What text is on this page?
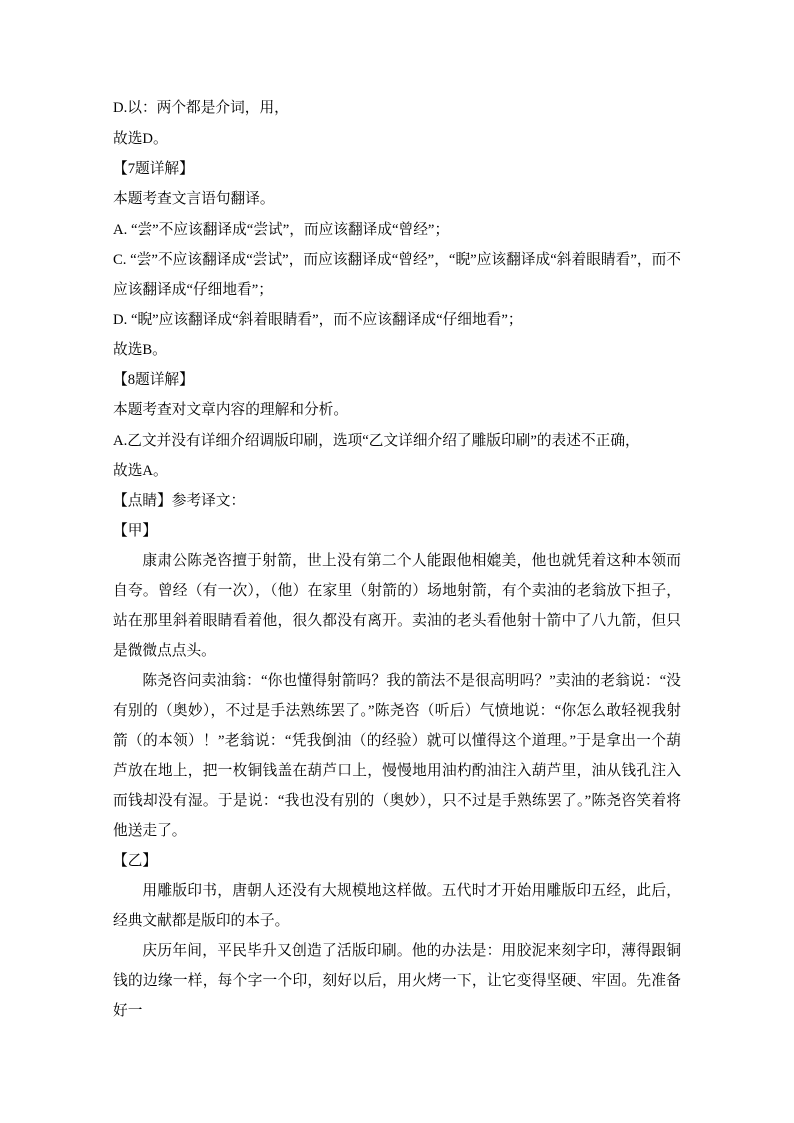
D.以：两个都是介词，用，

故选D。

【7题详解】

本题考查文言语句翻译。

A. “尝”不应该翻译成“尝试”，而应该翻译成“曾经”；

C. “尝”不应该翻译成“尝试”，而应该翻译成“曾经”，“睨”应该翻译成“斜着眼睛看”，而不应该翻译成“仔细地看”；

D. “睨”应该翻译成“斜着眼睛看”，而不应该翻译成“仔细地看”；

故选B。

【8题详解】

本题考查对文章内容的理解和分析。

A.乙文并没有详细介绍调版印刷，选项“乙文详细介绍了雕版印刷”的表述不正确，

故选A。

【点睛】参考译文：

【甲】

康肃公陈尧咨擅于射箭，世上没有第二个人能跟他相媲美，他也就凭着这种本领而自夸。曾经（有一次），（他）在家里（射箭的）场地射箭，有个卖油的老翁放下担子，站在那里斜着眼睛看着他，很久都没有离开。卖油的老头看他射十箭中了八九箭，但只是微微点点头。

陈尧咨问卖油翁：“你也懂得射箭吗？我的箭法不是很高明吗？”卖油的老翁说：“没有别的（奥妙），不过是手法熟练罢了。”陈尧咨（听后）气愤地说：“你怎么敢轻视我射箭（的本领）！”老翁说：“凭我倒油（的经验）就可以懂得这个道理。”于是拿出一个葫芦放在地上，把一枚铜钱盖在葫芦口上，慢慢地用油杓酌油注入葫芦里，油从钱孔注入而钱却没有湿。于是说：“我也没有别的（奥妙），只不过是手熟练罢了。”陈尧咨笑着将他送走了。

【乙】

用雕版印书，唐朝人还没有大规模地这样做。五代时才开始用雕版印五经，此后，经典文献都是版印的本子。

庆历年间，平民毕升又创造了活版印刷。他的办法是：用胶泥来刻字印，薄得跟铜钱的边缘一样，每个字一个印，刻好以后，用火烤一下，让它变得坚硬、牢固。先准备好一
